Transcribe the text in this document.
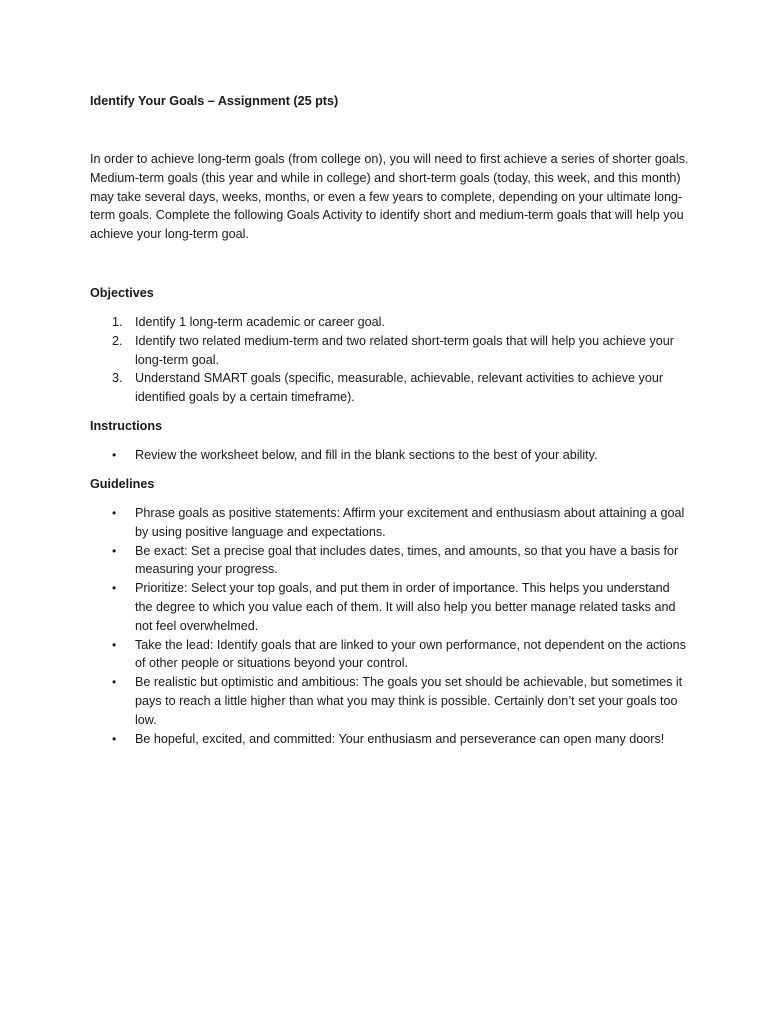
Identify Your Goals – Assignment (25 pts)

In order to achieve long-term goals (from college on), you will need to first achieve a series of shorter goals. Medium-term goals (this year and while in college) and short-term goals (today, this week, and this month) may take several days, weeks, months, or even a few years to complete, depending on your ultimate long-term goals. Complete the following Goals Activity to identify short and medium-term goals that will help you achieve your long-term goal.

Objectives

1. Identify 1 long-term academic or career goal.
2. Identify two related medium-term and two related short-term goals that will help you achieve your long-term goal.
3. Understand SMART goals (specific, measurable, achievable, relevant activities to achieve your identified goals by a certain timeframe).

Instructions

• Review the worksheet below, and fill in the blank sections to the best of your ability.

Guidelines

• Phrase goals as positive statements: Affirm your excitement and enthusiasm about attaining a goal by using positive language and expectations.
• Be exact: Set a precise goal that includes dates, times, and amounts, so that you have a basis for measuring your progress.
• Prioritize: Select your top goals, and put them in order of importance. This helps you understand the degree to which you value each of them. It will also help you better manage related tasks and not feel overwhelmed.
• Take the lead: Identify goals that are linked to your own performance, not dependent on the actions of other people or situations beyond your control.
• Be realistic but optimistic and ambitious: The goals you set should be achievable, but sometimes it pays to reach a little higher than what you may think is possible. Certainly don’t set your goals too low.
• Be hopeful, excited, and committed: Your enthusiasm and perseverance can open many doors!
